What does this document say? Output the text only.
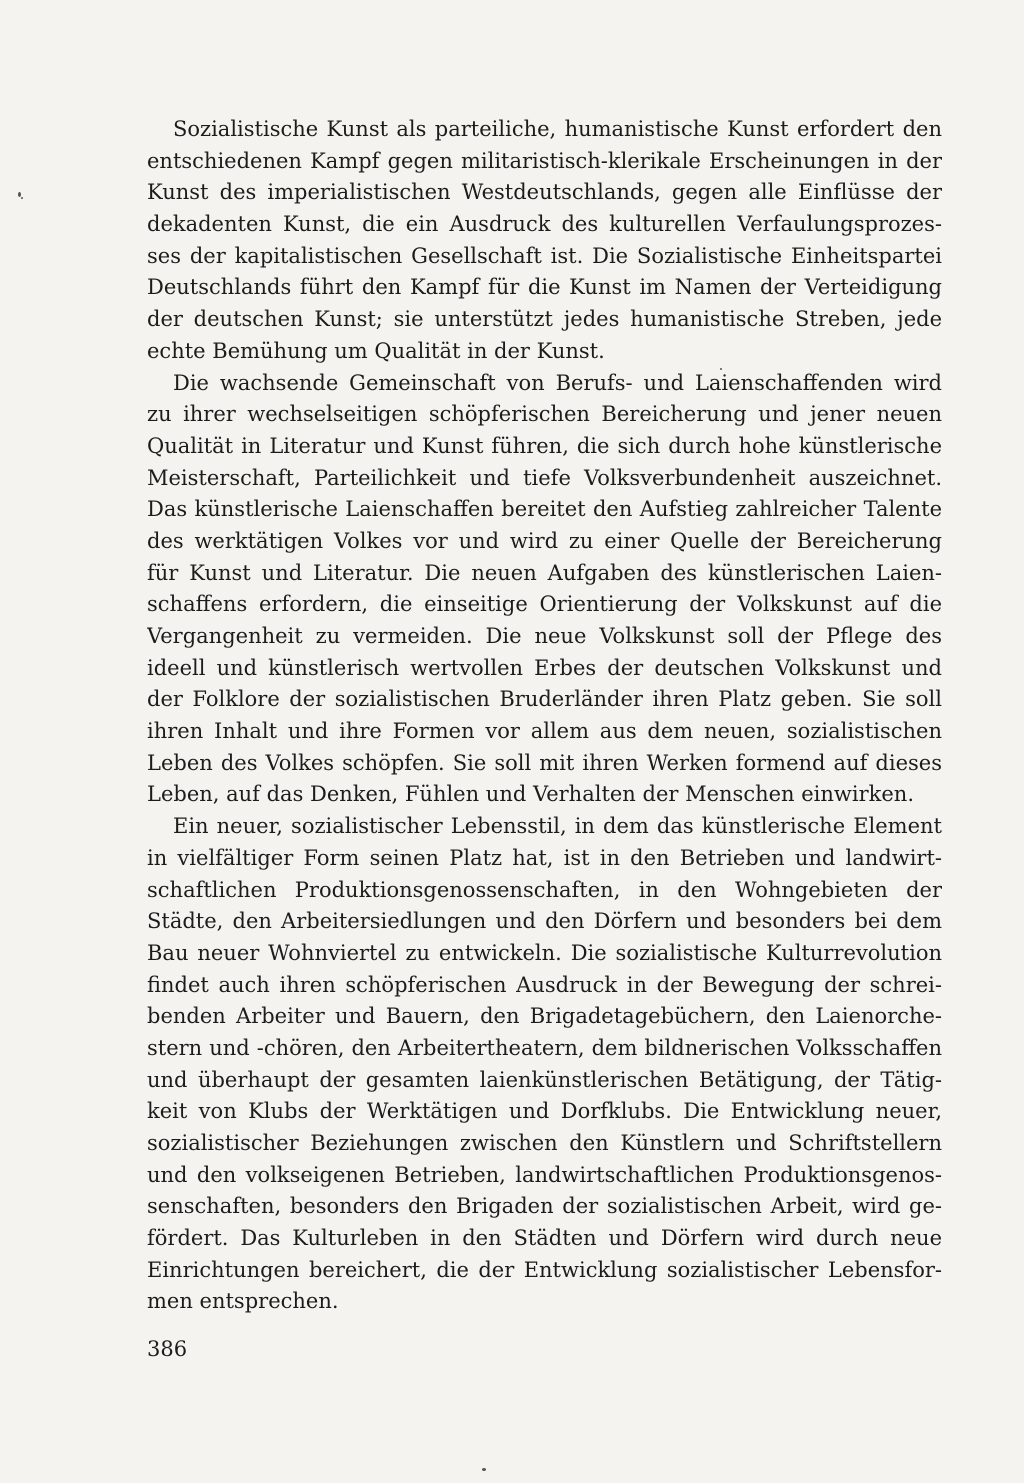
Sozialistische Kunst als parteiliche, humanistische Kunst erfordert den
entschiedenen Kampf gegen militaristisch-klerikale Erscheinungen in der
Kunst des imperialistischen Westdeutschlands, gegen alle Einflüsse der
dekadenten Kunst, die ein Ausdruck des kulturellen Verfaulungsprozes-
ses der kapitalistischen Gesellschaft ist. Die Sozialistische Einheitspartei
Deutschlands führt den Kampf für die Kunst im Namen der Verteidigung
der deutschen Kunst; sie unterstützt jedes humanistische Streben, jede
echte Bemühung um Qualität in der Kunst.
Die wachsende Gemeinschaft von Berufs- und Laienschaffenden wird
zu ihrer wechselseitigen schöpferischen Bereicherung und jener neuen
Qualität in Literatur und Kunst führen, die sich durch hohe künstlerische
Meisterschaft, Parteilichkeit und tiefe Volksverbundenheit auszeichnet.
Das künstlerische Laienschaffen bereitet den Aufstieg zahlreicher Talente
des werktätigen Volkes vor und wird zu einer Quelle der Bereicherung
für Kunst und Literatur. Die neuen Aufgaben des künstlerischen Laien-
schaffens erfordern, die einseitige Orientierung der Volkskunst auf die
Vergangenheit zu vermeiden. Die neue Volkskunst soll der Pflege des
ideell und künstlerisch wertvollen Erbes der deutschen Volkskunst und
der Folklore der sozialistischen Bruderländer ihren Platz geben. Sie soll
ihren Inhalt und ihre Formen vor allem aus dem neuen, sozialistischen
Leben des Volkes schöpfen. Sie soll mit ihren Werken formend auf dieses
Leben, auf das Denken, Fühlen und Verhalten der Menschen einwirken.
Ein neuer, sozialistischer Lebensstil, in dem das künstlerische Element
in vielfältiger Form seinen Platz hat, ist in den Betrieben und landwirt-
schaftlichen Produktionsgenossenschaften, in den Wohngebieten der
Städte, den Arbeitersiedlungen und den Dörfern und besonders bei dem
Bau neuer Wohnviertel zu entwickeln. Die sozialistische Kulturrevolution
findet auch ihren schöpferischen Ausdruck in der Bewegung der schrei-
benden Arbeiter und Bauern, den Brigadetagebüchern, den Laienorche-
stern und -chören, den Arbeitertheatern, dem bildnerischen Volksschaffen
und überhaupt der gesamten laienkünstlerischen Betätigung, der Tätig-
keit von Klubs der Werktätigen und Dorfklubs. Die Entwicklung neuer,
sozialistischer Beziehungen zwischen den Künstlern und Schriftstellern
und den volkseigenen Betrieben, landwirtschaftlichen Produktionsgenos-
senschaften, besonders den Brigaden der sozialistischen Arbeit, wird ge-
fördert. Das Kulturleben in den Städten und Dörfern wird durch neue
Einrichtungen bereichert, die der Entwicklung sozialistischer Lebensfor-
men entsprechen.
386
